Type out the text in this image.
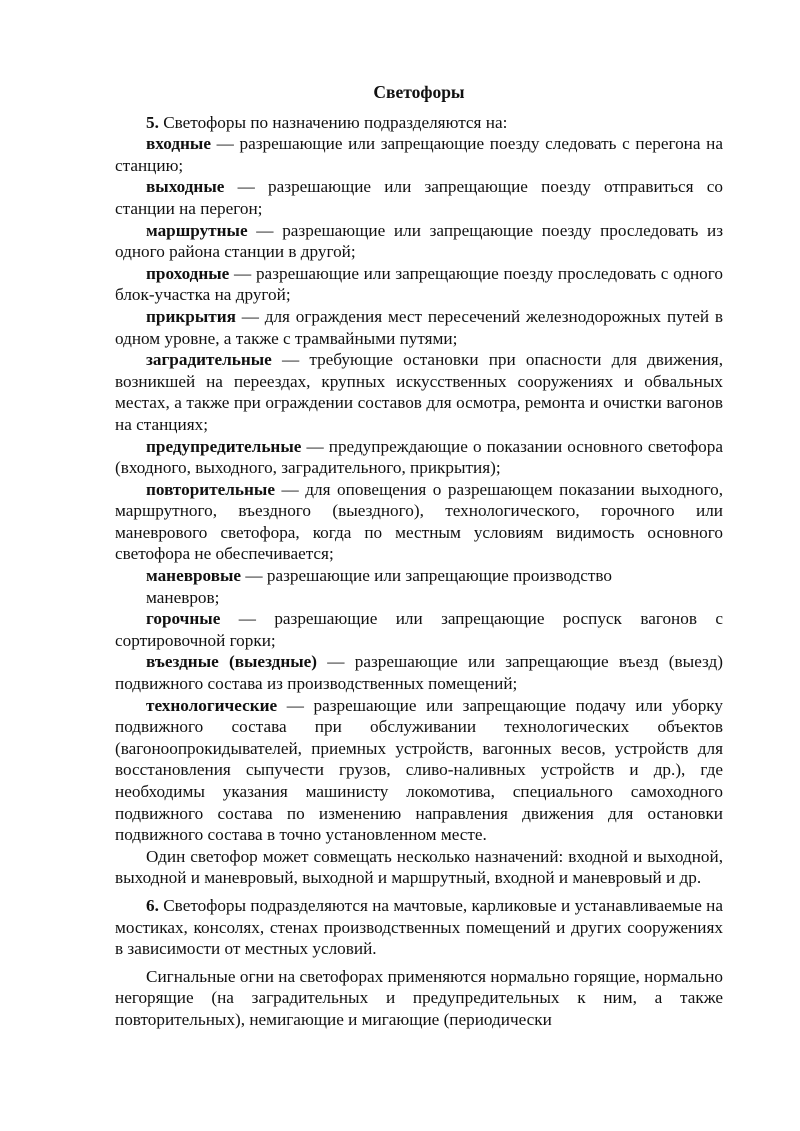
Светофоры

5. Светофоры по назначению подразделяются на:

входные — разрешающие или запрещающие поезду следовать с перегона на станцию;

выходные — разрешающие или запрещающие поезду отправиться со станции на перегон;

маршрутные — разрешающие или запрещающие поезду проследовать из одного района станции в другой;

проходные — разрешающие или запрещающие поезду проследовать с одного блок-участка на другой;

прикрытия — для ограждения мест пересечений железнодорожных путей в одном уровне, а также с трамвайными путями;

заградительные — требующие остановки при опасности для движения, возникшей на переездах, крупных искусственных сооружениях и обвальных местах, а также при ограждении составов для осмотра, ремонта и очистки вагонов на станциях;

предупредительные — предупреждающие о показании основного светофора (входного, выходного, заградительного, прикрытия);

повторительные — для оповещения о разрешающем показании выходного, маршрутного, въездного (выездного), технологического, горочного или маневрового светофора, когда по местным условиям видимость основного светофора не обеспечивается;

маневровые — разрешающие или запрещающие производство
маневров;

горочные — разрешающие или запрещающие роспуск вагонов с сортировочной горки;

въездные (выездные) — разрешающие или запрещающие въезд (выезд) подвижного состава из производственных помещений;

технологические — разрешающие или запрещающие подачу или уборку подвижного состава при обслуживании технологических объектов (вагоноопрокидывателей, приемных устройств, вагонных весов, устройств для восстановления сыпучести грузов, сливо-наливных устройств и др.), где необходимы указания машинисту локомотива, специального самоходного подвижного состава по изменению направления движения для остановки подвижного состава в точно установленном месте.

Один светофор может совмещать несколько назначений: входной и выходной, выходной и маневровый, выходной и маршрутный, входной и маневровый и др.

6. Светофоры подразделяются на мачтовые, карликовые и устанавливаемые на мостиках, консолях, стенах производственных помещений и других сооружениях в зависимости от местных условий.

Сигнальные огни на светофорах применяются нормально горящие, нормально негорящие (на заградительных и предупредительных к ним, а также повторительных), немигающие и мигающие (периодически
